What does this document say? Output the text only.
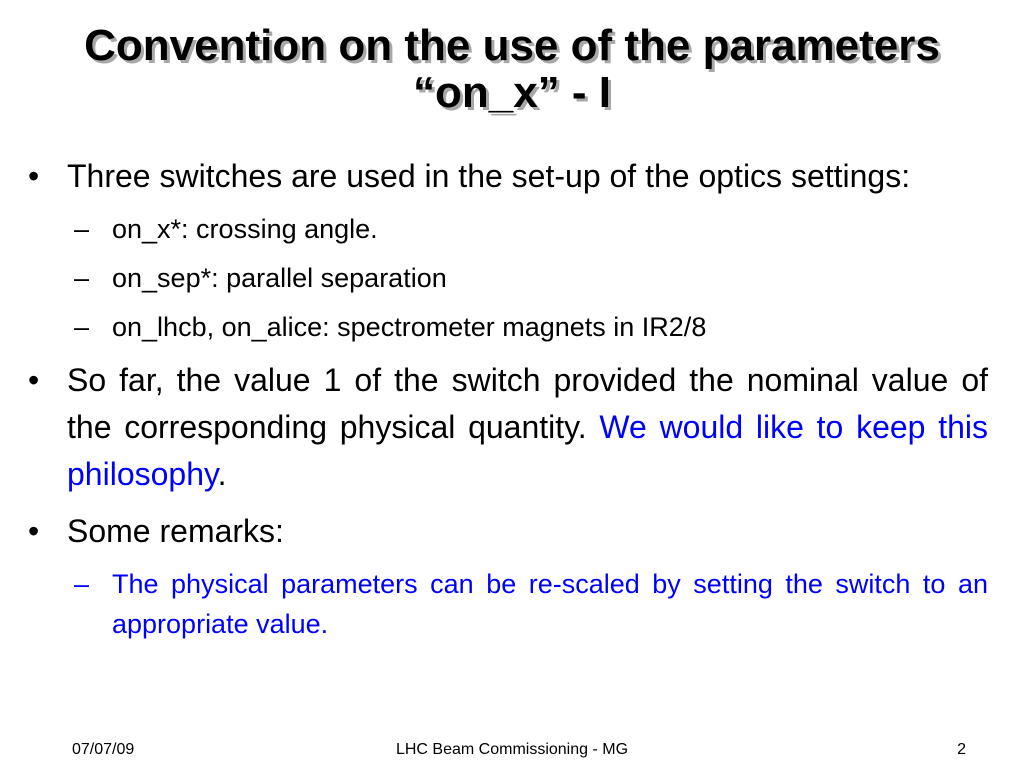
Convention on the use of the parameters
“on_x” - I
• Three switches are used in the set-up of the optics settings:
– on_x*: crossing angle.
– on_sep*: parallel separation
– on_lhcb, on_alice: spectrometer magnets in IR2/8
• So far, the value 1 of the switch provided the nominal value of the corresponding physical quantity. We would like to keep this philosophy.
• Some remarks:
– The physical parameters can be re-scaled by setting the switch to an appropriate value.
07/07/09	LHC Beam Commissioning - MG	2
